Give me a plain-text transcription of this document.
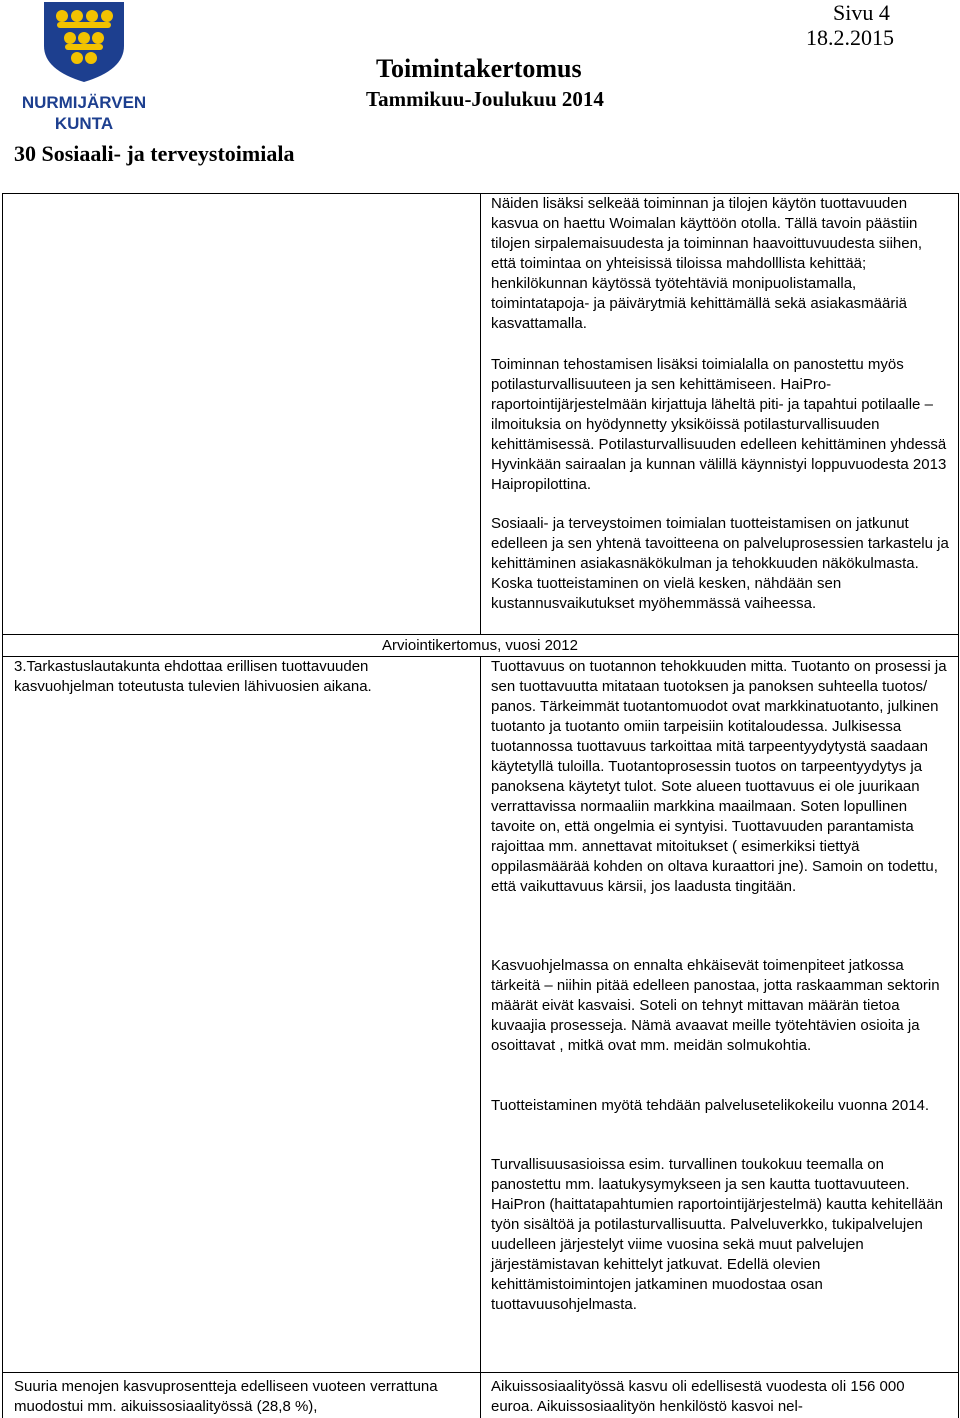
NURMIJÄRVEN
KUNTA
Sivu 4
18.2.2015
Toimintakertomus
Tammikuu-Joulukuu 2014
30 Sosiaali- ja terveystoimiala

Näiden lisäksi selkeää toiminnan ja tilojen käytön tuottavuuden kasvua on haettu Woimalan käyttöön otolla. Tällä tavoin päästiin tilojen sirpalemaisuudesta ja toiminnan haavoittuvuudesta siihen, että toimintaa on yhteisissä tiloissa mahdolllista kehittää; henkilökunnan käytössä työtehtäviä monipuolistamalla, toimintatapoja- ja päivärytmiä kehittämällä sekä asiakasmääriä kasvattamalla.

Toiminnan tehostamisen lisäksi toimialalla on panostettu myös potilasturvallisuuteen ja sen kehittämiseen. HaiPro-raportointijärjestelmään kirjattuja läheltä piti- ja tapahtui potilaalle –ilmoituksia on hyödynnetty yksiköissä potilasturvallisuuden kehittämisessä. Potilasturvallisuuden edelleen kehittäminen yhdessä Hyvinkään sairaalan ja kunnan välillä käynnistyi loppuvuodesta 2013 Haipropilottina.

Sosiaali- ja terveystoimen toimialan tuotteistamisen on jatkunut edelleen ja sen yhtenä tavoitteena on palveluprosessien tarkastelu ja kehittäminen asiakasnäkökulman ja tehokkuuden näkökulmasta. Koska tuotteistaminen on vielä kesken, nähdään sen kustannusvaikutukset myöhemmässä vaiheessa.

Arviointikertomus, vuosi 2012

3.Tarkastuslautakunta ehdottaa erillisen tuottavuuden kasvuohjelman toteutusta tulevien lähivuosien aikana.

Tuottavuus on tuotannon tehokkuuden mitta. Tuotanto on prosessi ja sen tuottavuutta mitataan tuotoksen ja panoksen suhteella tuotos/ panos. Tärkeimmät tuotantomuodot ovat markkinatuotanto, julkinen tuotanto ja tuotanto omiin tarpeisiin kotitaloudessa. Julkisessa tuotannossa tuottavuus tarkoittaa mitä tarpeentyydytystä saadaan käytetyllä tuloilla. Tuotantoprosessin tuotos on tarpeentyydytys ja panoksena käytetyt tulot. Sote alueen tuottavuus ei ole juurikaan verrattavissa normaaliin markkina maailmaan. Soten lopullinen tavoite on, että ongelmia ei syntyisi. Tuottavuuden parantamista rajoittaa mm. annettavat mitoitukset ( esimerkiksi tiettyä oppilasmäärää kohden on oltava kuraattori jne). Samoin on todettu, että vaikuttavuus kärsii, jos laadusta tingitään.

Kasvuohjelmassa on ennalta ehkäisevät toimenpiteet jatkossa tärkeitä – niihin pitää edelleen panostaa, jotta raskaamman sektorin määrät eivät kasvaisi. Soteli on tehnyt mittavan määrän tietoa kuvaajia prosesseja. Nämä avaavat meille työtehtävien osioita ja osoittavat , mitkä ovat mm. meidän solmukohtia.

Tuotteistaminen myötä tehdään palvelusetelikokeilu vuonna 2014.

Turvallisuusasioissa esim. turvallinen toukokuu teemalla on panostettu mm. laatukysymykseen ja sen kautta tuottavuuteen. HaiPron (haittatapahtumien raportointijärjestelmä) kautta kehitellään työn sisältöä ja potilasturvallisuutta. Palveluverkko, tukipalvelujen uudelleen järjestelyt viime vuosina sekä muut palvelujen järjestämistavan kehittelyt jatkuvat. Edellä olevien kehittämistoimintojen jatkaminen muodostaa osan tuottavuusohjelmasta.

Suuria menojen kasvuprosentteja edelliseen vuoteen verrattuna muodostui mm. aikuissosiaalityössä (28,8 %),

Aikuissosiaalityössä kasvu oli edellisestä vuodesta oli 156 000 euroa. Aikuissosiaalityön henkilöstö kasvoi nel-
